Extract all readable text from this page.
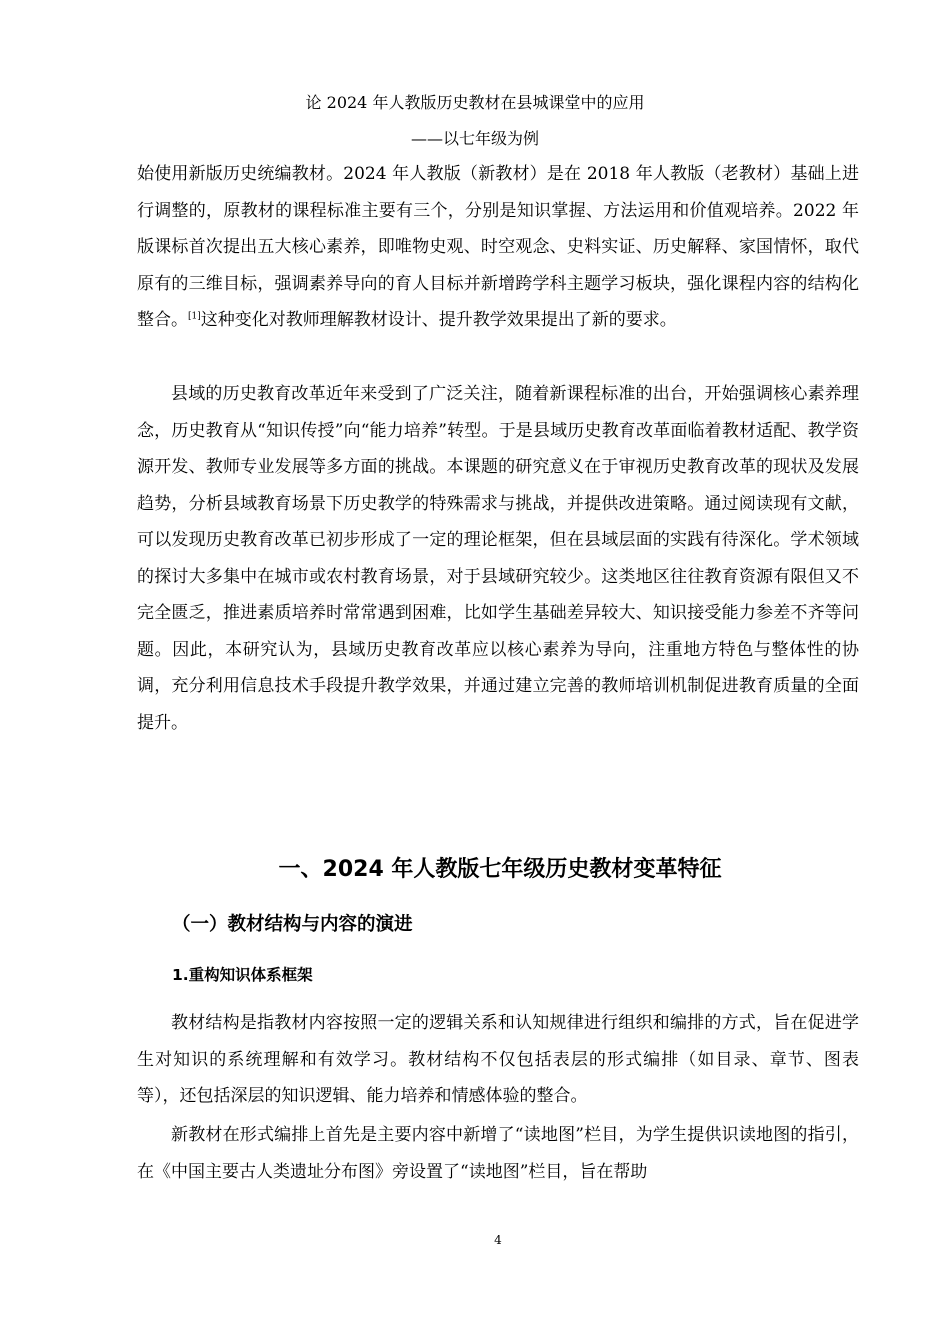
论 2024 年人教版历史教材在县城课堂中的应用
——以七年级为例

始使用新版历史统编教材。2024 年人教版（新教材）是在 2018 年人教版（老教材）基础上进行调整的，原教材的课程标准主要有三个，分别是知识掌握、方法运用和价值观培养。2022 年版课标首次提出五大核心素养，即唯物史观、时空观念、史料实证、历史解释、家国情怀，取代原有的三维目标，强调素养导向的育人目标并新增跨学科主题学习板块，强化课程内容的结构化整合。[1]这种变化对教师理解教材设计、提升教学效果提出了新的要求。

县域的历史教育改革近年来受到了广泛关注，随着新课程标准的出台，开始强调核心素养理念，历史教育从“知识传授”向“能力培养”转型。于是县域历史教育改革面临着教材适配、教学资源开发、教师专业发展等多方面的挑战。本课题的研究意义在于审视历史教育改革的现状及发展趋势，分析县域教育场景下历史教学的特殊需求与挑战，并提供改进策略。通过阅读现有文献，可以发现历史教育改革已初步形成了一定的理论框架，但在县域层面的实践有待深化。学术领域的探讨大多集中在城市或农村教育场景，对于县域研究较少。这类地区往往教育资源有限但又不完全匮乏，推进素质培养时常常遇到困难，比如学生基础差异较大、知识接受能力参差不齐等问题。因此，本研究认为，县域历史教育改革应以核心素养为导向，注重地方特色与整体性的协调，充分利用信息技术手段提升教学效果，并通过建立完善的教师培训机制促进教育质量的全面提升。

一、2024 年人教版七年级历史教材变革特征
（一）教材结构与内容的演进
1.重构知识体系框架

教材结构是指教材内容按照一定的逻辑关系和认知规律进行组织和编排的方式，旨在促进学生对知识的系统理解和有效学习。教材结构不仅包括表层的形式编排（如目录、章节、图表等），还包括深层的知识逻辑、能力培养和情感体验的整合。

新教材在形式编排上首先是主要内容中新增了“读地图”栏目，为学生提供识读地图的指引，在《中国主要古人类遗址分布图》旁设置了“读地图”栏目，旨在帮助

4
